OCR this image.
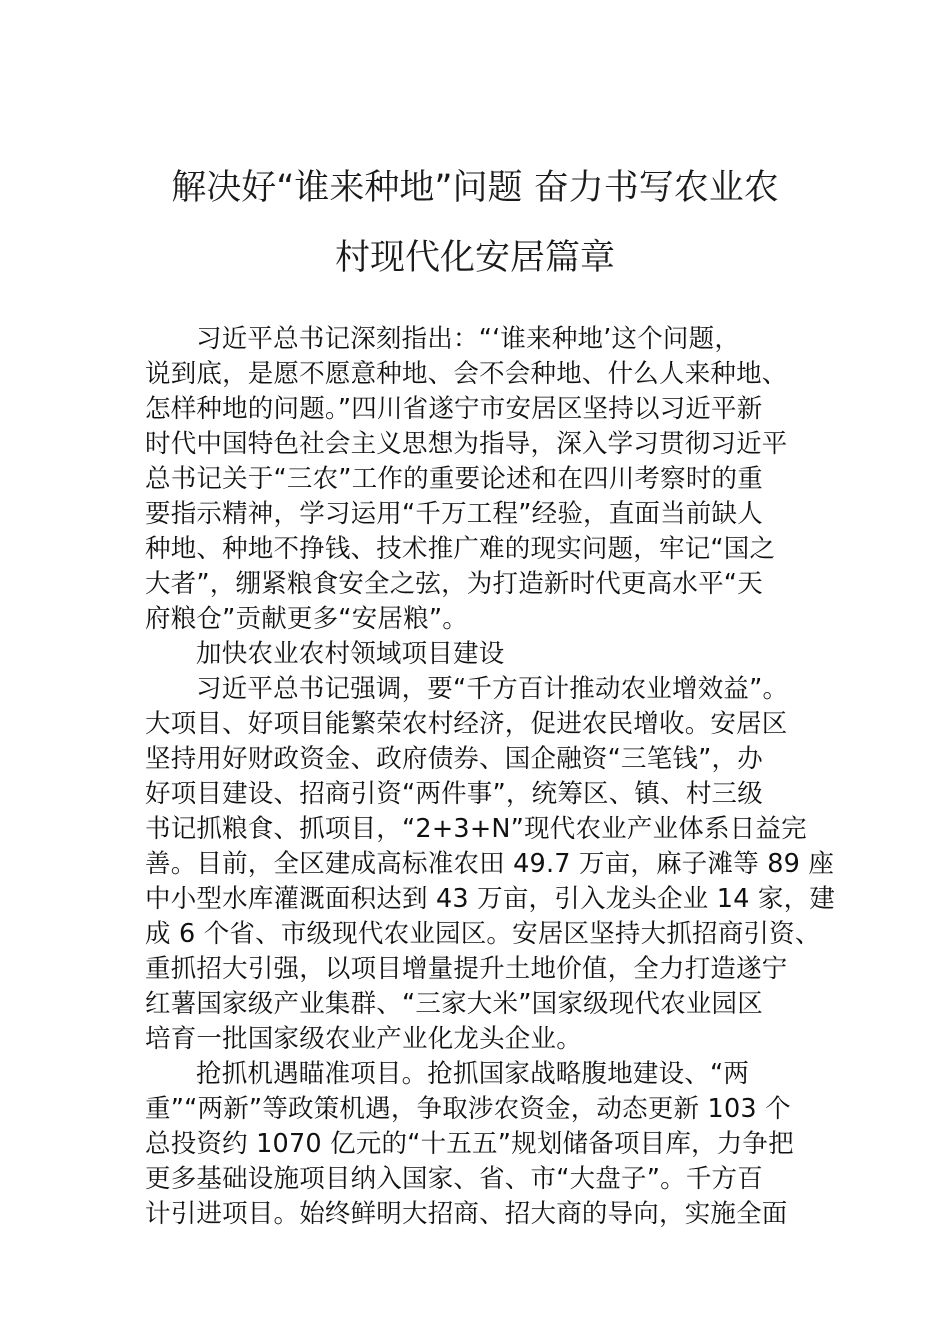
解决好“谁来种地”问题 奋力书写农业农
村现代化安居篇章
习近平总书记深刻指出：“‘谁来种地’这个问题，
说到底，是愿不愿意种地、会不会种地、什么人来种地、
怎样种地的问题。”四川省遂宁市安居区坚持以习近平新
时代中国特色社会主义思想为指导，深入学习贯彻习近平
总书记关于“三农”工作的重要论述和在四川考察时的重
要指示精神，学习运用“千万工程”经验，直面当前缺人
种地、种地不挣钱、技术推广难的现实问题，牢记“国之
大者”，绷紧粮食安全之弦，为打造新时代更高水平“天
府粮仓”贡献更多“安居粮”。
加快农业农村领域项目建设
习近平总书记强调，要“千方百计推动农业增效益”。
大项目、好项目能繁荣农村经济，促进农民增收。安居区
坚持用好财政资金、政府债券、国企融资“三笔钱”，办
好项目建设、招商引资“两件事”，统筹区、镇、村三级
书记抓粮食、抓项目，“2+3+N”现代农业产业体系日益完
善。目前，全区建成高标准农田 49.7 万亩，麻子滩等 89 座
中小型水库灌溉面积达到 43 万亩，引入龙头企业 14 家，建
成 6 个省、市级现代农业园区。安居区坚持大抓招商引资、
重抓招大引强，以项目增量提升土地价值，全力打造遂宁
红薯国家级产业集群、“三家大米”国家级现代农业园区
培育一批国家级农业产业化龙头企业。
抢抓机遇瞄准项目。抢抓国家战略腹地建设、“两
重”“两新”等政策机遇，争取涉农资金，动态更新 103 个
总投资约 1070 亿元的“十五五”规划储备项目库，力争把
更多基础设施项目纳入国家、省、市“大盘子”。千方百
计引进项目。始终鲜明大招商、招大商的导向，实施全面
